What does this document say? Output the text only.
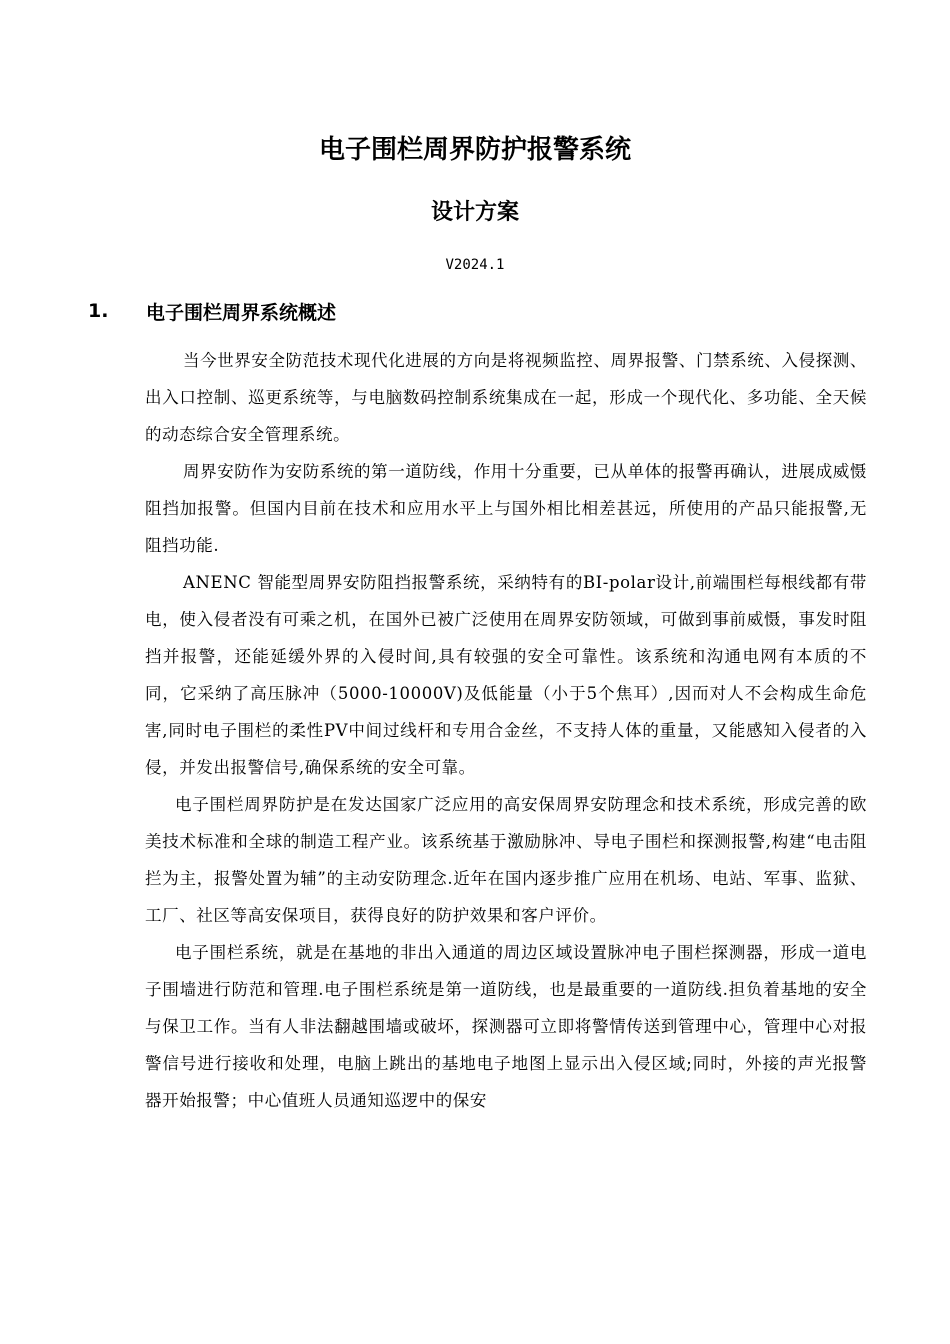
电子围栏周界防护报警系统
设计方案
V2024.1
1.	电子围栏周界系统概述

当今世界安全防范技术现代化进展的方向是将视频监控、周界报警、门禁系统、入侵探测、出入口控制、巡更系统等，与电脑数码控制系统集成在一起，形成一个现代化、多功能、全天候的动态综合安全管理系统。

周界安防作为安防系统的第一道防线，作用十分重要，已从单体的报警再确认，进展成威慑阻挡加报警。但国内目前在技术和应用水平上与国外相比相差甚远，所使用的产品只能报警,无阻挡功能.

ANENC 智能型周界安防阻挡报警系统，采纳特有的BI-polar设计,前端围栏每根线都有带电，使入侵者没有可乘之机，在国外已被广泛使用在周界安防领域，可做到事前威慑，事发时阻挡并报警，还能延缓外界的入侵时间,具有较强的安全可靠性。该系统和沟通电网有本质的不同，它采纳了高压脉冲（5000-10000V)及低能量（小于5个焦耳）,因而对人不会构成生命危害,同时电子围栏的柔性PV中间过线杆和专用合金丝，不支持人体的重量，又能感知入侵者的入侵，并发出报警信号,确保系统的安全可靠。

电子围栏周界防护是在发达国家广泛应用的高安保周界安防理念和技术系统，形成完善的欧美技术标准和全球的制造工程产业。该系统基于激励脉冲、导电子围栏和探测报警,构建“电击阻拦为主，报警处置为辅”的主动安防理念.近年在国内逐步推广应用在机场、电站、军事、监狱、工厂、社区等高安保项目，获得良好的防护效果和客户评价。

电子围栏系统，就是在基地的非出入通道的周边区域设置脉冲电子围栏探测器，形成一道电子围墙进行防范和管理.电子围栏系统是第一道防线，也是最重要的一道防线.担负着基地的安全与保卫工作。当有人非法翻越围墙或破坏，探测器可立即将警情传送到管理中心，管理中心对报警信号进行接收和处理，电脑上跳出的基地电子地图上显示出入侵区域;同时，外接的声光报警器开始报警；中心值班人员通知巡逻中的保安
